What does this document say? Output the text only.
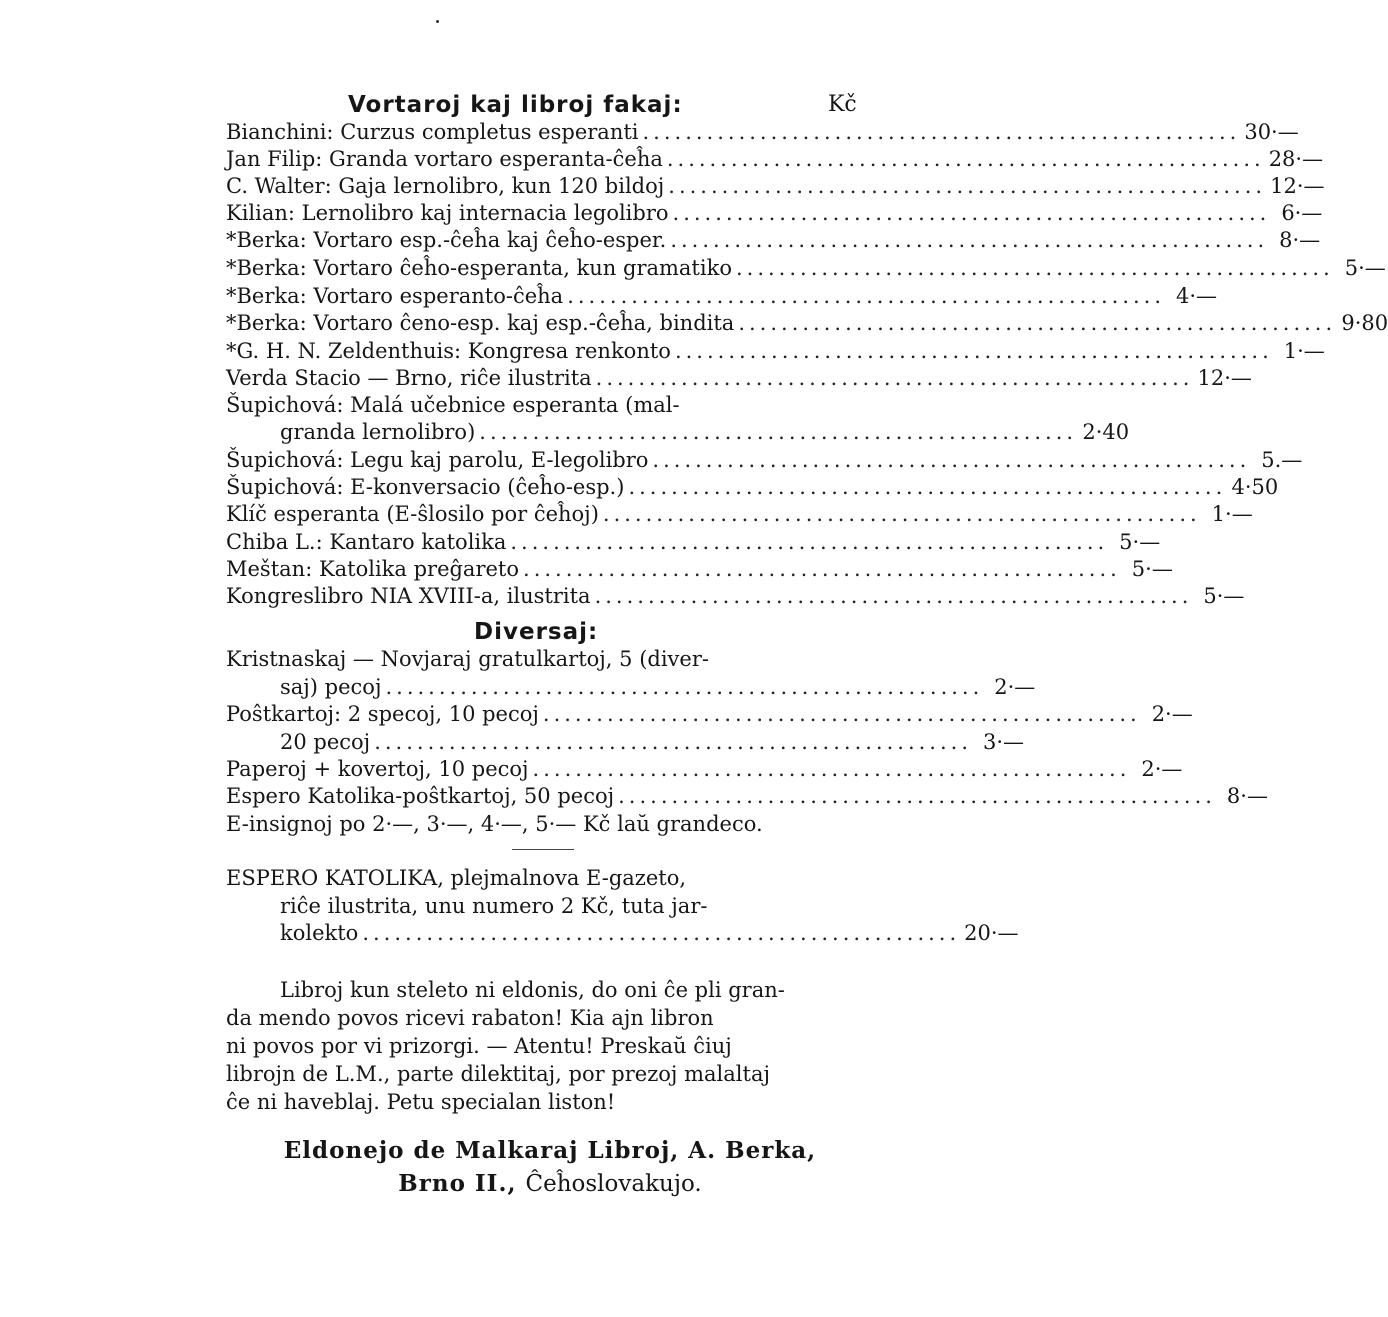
Vortaroj kaj libroj fakaj:	Kč
Bianchini: Curzus completus esperanti ........................................................ 30·—
Jan Filip: Granda vortaro esperanta-ĉeĥa ........................................................ 28·—
C. Walter: Gaja lernolibro, kun 120 bildoj ........................................................ 12·—
Kilian: Lernolibro kaj internacia legolibro ........................................................ 6·—
*Berka: Vortaro esp.-ĉeĥa kaj ĉeĥo-esper. ........................................................ 8·—
*Berka: Vortaro ĉeĥo-esperanta, kun gramatiko ........................................................ 5·—
*Berka: Vortaro esperanto-ĉeĥa ........................................................ 4·—
*Berka: Vortaro ĉeno-esp. kaj esp.-ĉeĥa, bindita ........................................................ 9·80
*G. H. N. Zeldenthuis: Kongresa renkonto ........................................................ 1·—
Verda Stacio — Brno, riĉe ilustrita ........................................................ 12·—
Šupichová: Malá učebnice esperanta (mal-
granda lernolibro) ........................................................ 2·40
Šupichová: Legu kaj parolu, E-legolibro ........................................................ 5.—
Šupichová: E-konversacio (ĉeĥo-esp.) ........................................................ 4·50
Klíč esperanta (E-ŝlosilo por ĉeĥoj) ........................................................ 1·—
Chiba L.: Kantaro katolika ........................................................ 5·—
Meštan: Katolika preĝareto ........................................................ 5·—
Kongreslibro NIA XVIII-a, ilustrita ........................................................ 5·—
Kristnaskaj — Novjaraj gratulkartoj, 5 (diver-
saj) pecoj ........................................................ 2·—
Poŝtkartoj: 2 specoj, 10 pecoj ........................................................ 2·—
20 pecoj ........................................................ 3·—
Paperoj + kovertoj, 10 pecoj ........................................................ 2·—
Espero Katolika-poŝtkartoj, 50 pecoj ........................................................ 8·—
E-insignoj po 2·—, 3·—, 4·—, 5·— Kč laŭ grandeco.
ESPERO KATOLIKA, plejmalnova E-gazeto,
riĉe ilustrita, unu numero 2 Kč, tuta jar-
kolekto ........................................................ 20·—
Diversaj:
Libroj kun steleto ni eldonis, do oni ĉe pli gran-
da mendo povos ricevi rabaton! Kia ajn libron
ni povos por vi prizorgi. — Atentu! Preskaŭ ĉiuj
librojn de L.M., parte dilektitaj, por prezoj malaltaj
ĉe ni haveblaj. Petu specialan liston!
Eldonejo de Malkaraj Libroj, A. Berka,
Brno II., Ĉeĥoslovakujo.
